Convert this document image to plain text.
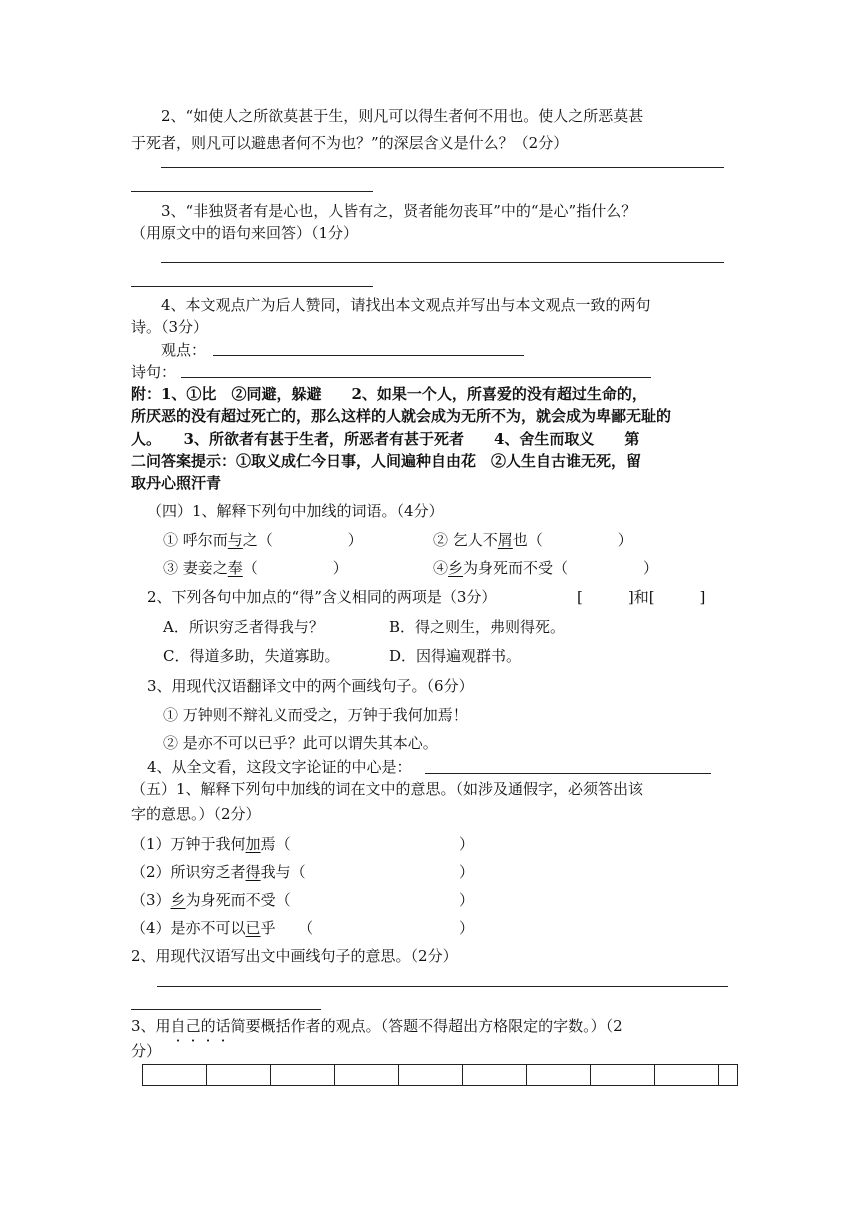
2、“如使人之所欲莫甚于生，则凡可以得生者何不用也。使人之所恶莫甚
于死者，则凡可以避患者何不为也？”的深层含义是什么？（2分）
3、“非独贤者有是心也，人皆有之，贤者能勿丧耳”中的“是心”指什么？
（用原文中的语句来回答）（1分）
4、本文观点广为后人赞同，请找出本文观点并写出与本文观点一致的两句
诗。（3分）
观点：
诗句：
附：1、①比　②同避，躲避　　2、如果一个人，所喜爱的没有超过生命的，
所厌恶的没有超过死亡的，那么这样的人就会成为无所不为，就会成为卑鄙无耻的
人。　　3、所欲者有甚于生者，所恶者有甚于死者　　4、舍生而取义　　第
二问答案提示：①取义成仁今日事，人间遍种自由花　②人生自古谁无死，留
取丹心照汗青
（四）1、解释下列句中加线的词语。（4分）
① 呼尔而与之（　　　　　）	② 乞人不屑也（　　　　　）
③ 妻妾之奉（　　　　　）	④乡为身死而不受（　　　　　）
2、下列各句中加点的“得”含义相同的两项是（3分）	[　　　]和[　　　]
A．所识穷乏者得我与？	B．得之则生，弗则得死。
C．得道多助，失道寡助。	D．因得遍观群书。
3、用现代汉语翻译文中的两个画线句子。（6分）
① 万钟则不辩礼义而受之，万钟于我何加焉！
② 是亦不可以已乎？此可以谓失其本心。
4、从全文看，这段文字论证的中心是：
（五）1、解释下列句中加线的词在文中的意思。（如涉及通假字，必须答出该
字的意思。）（2分）
（1）万钟于我何加焉（	）
（2）所识穷乏者得我与（	）
（3）乡为身死而不受（	）
（4）是亦不可以已乎　　（	）
2、用现代汉语写出文中画线句子的意思。（2分）
3、用自己的话简要概括作者的观点。（答题不得超出方格限定的字数。）（2
分）
